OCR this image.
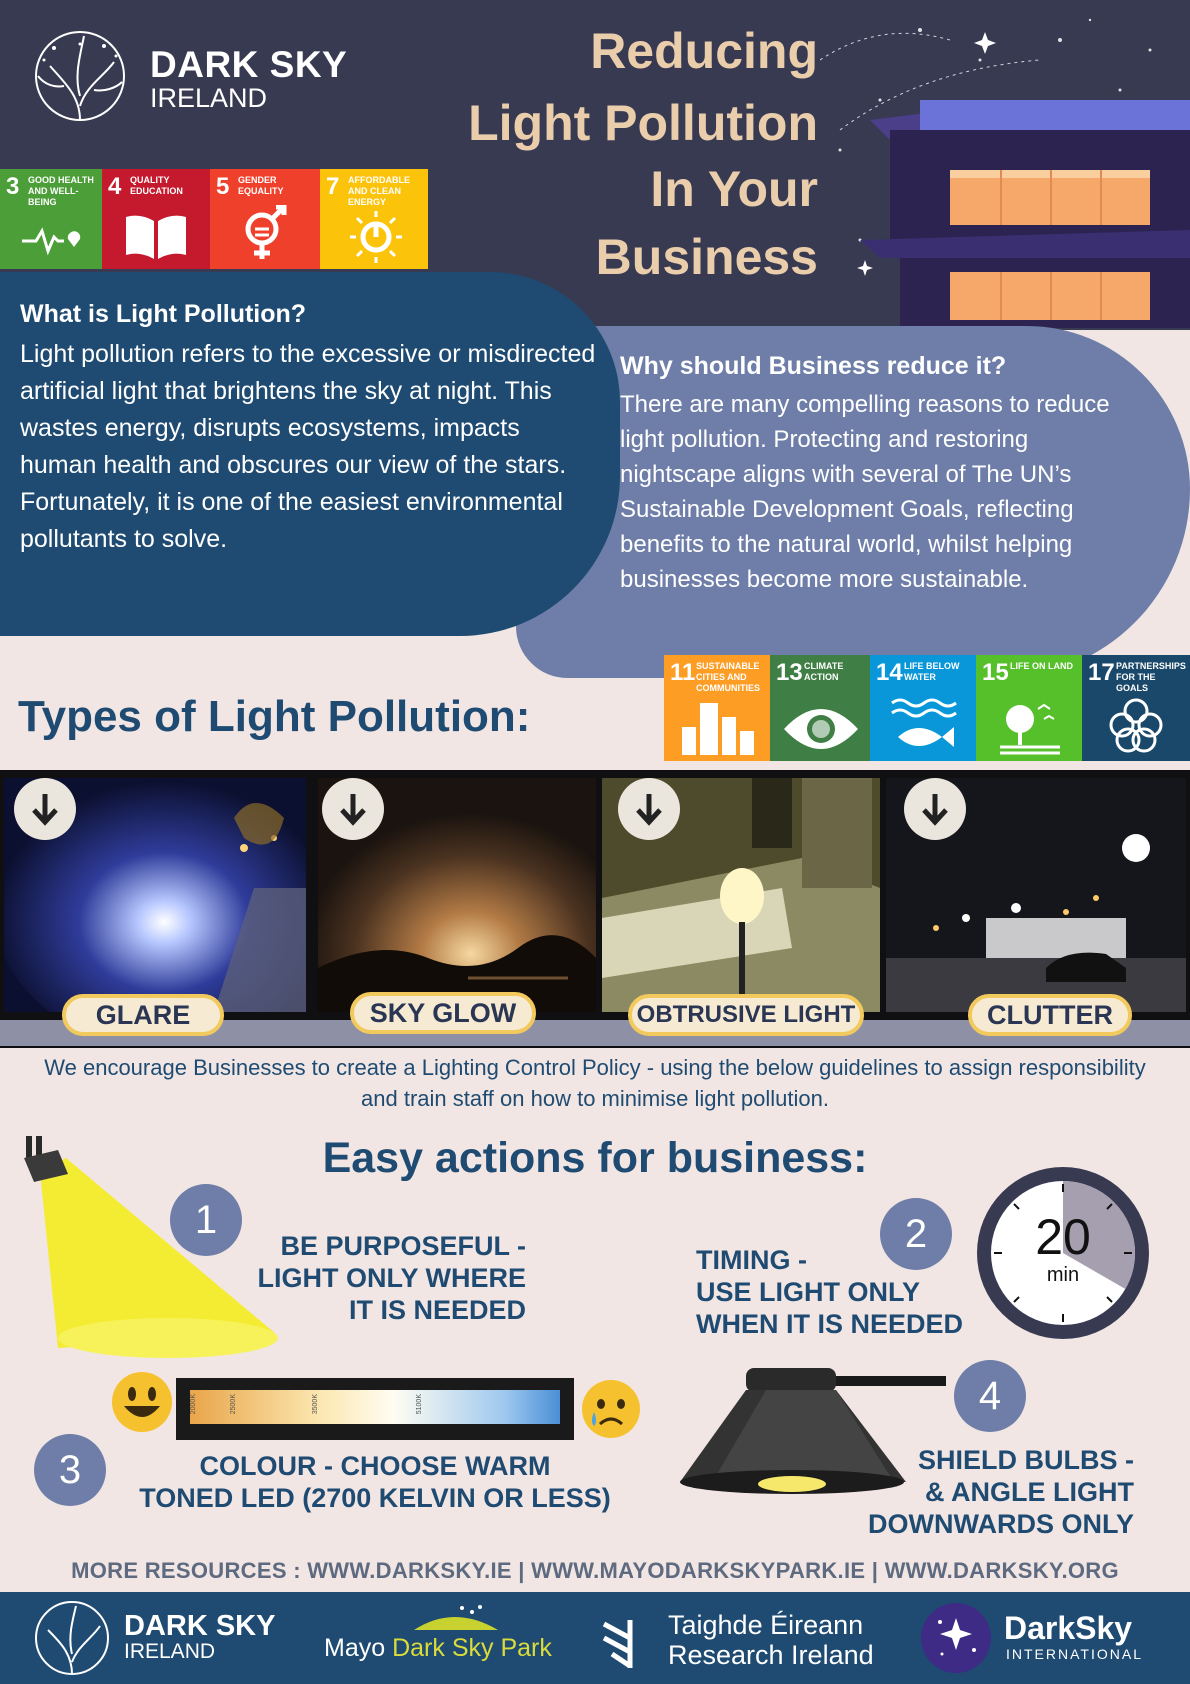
DARK SKY
IRELAND
Reducing
Light Pollution
In Your
Business
3 GOOD HEALTH AND WELL-BEING
4 QUALITY EDUCATION	5 GENDER EQUALITY	7 AFFORDABLE AND CLEAN ENERGY
What is Light Pollution?
Light pollution refers to the excessive or misdirected artificial light that brightens the sky at night. This wastes energy, disrupts ecosystems, impacts human health and obscures our view of the stars. Fortunately, it is one of the easiest environmental pollutants to solve.
Why should Business reduce it?
There are many compelling reasons to reduce light pollution. Protecting and restoring nightscape aligns with several of The UN’s Sustainable Development Goals, reflecting benefits to the natural world, whilst helping businesses become more sustainable.
11 SUSTAINABLE CITIES AND COMMUNITIES
13 CLIMATE ACTION	14 LIFE BELOW WATER	15 LIFE ON LAND 17 PARTNERSHIPS FOR THE GOALS
Types of Light Pollution:
GLARE	SKY GLOW	OBTRUSIVE LIGHT	CLUTTER
We encourage Businesses to create a Lighting Control Policy - using the below guidelines to assign responsibility and train staff on how to minimise light pollution.
Easy actions for business:
1
BE PURPOSEFUL -
LIGHT ONLY WHERE
IT IS NEEDED
2
TIMING -
USE LIGHT ONLY
WHEN IT IS NEEDED
20
min
2000K	2500K	3500K	5100K
3	COLOUR - CHOOSE WARM
TONED LED (2700 KELVIN OR LESS)
4
SHIELD BULBS -
& ANGLE LIGHT
DOWNWARDS ONLY
MORE RESOURCES : WWW.DARKSKY.IE | WWW.MAYODARKSKYPARK.IE | WWW.DARKSKY.ORG
DARK SKY
IRELAND	Mayo Dark Sky Park
Taighde Éireann
Research Ireland
DarkSky
INTERNATIONAL
